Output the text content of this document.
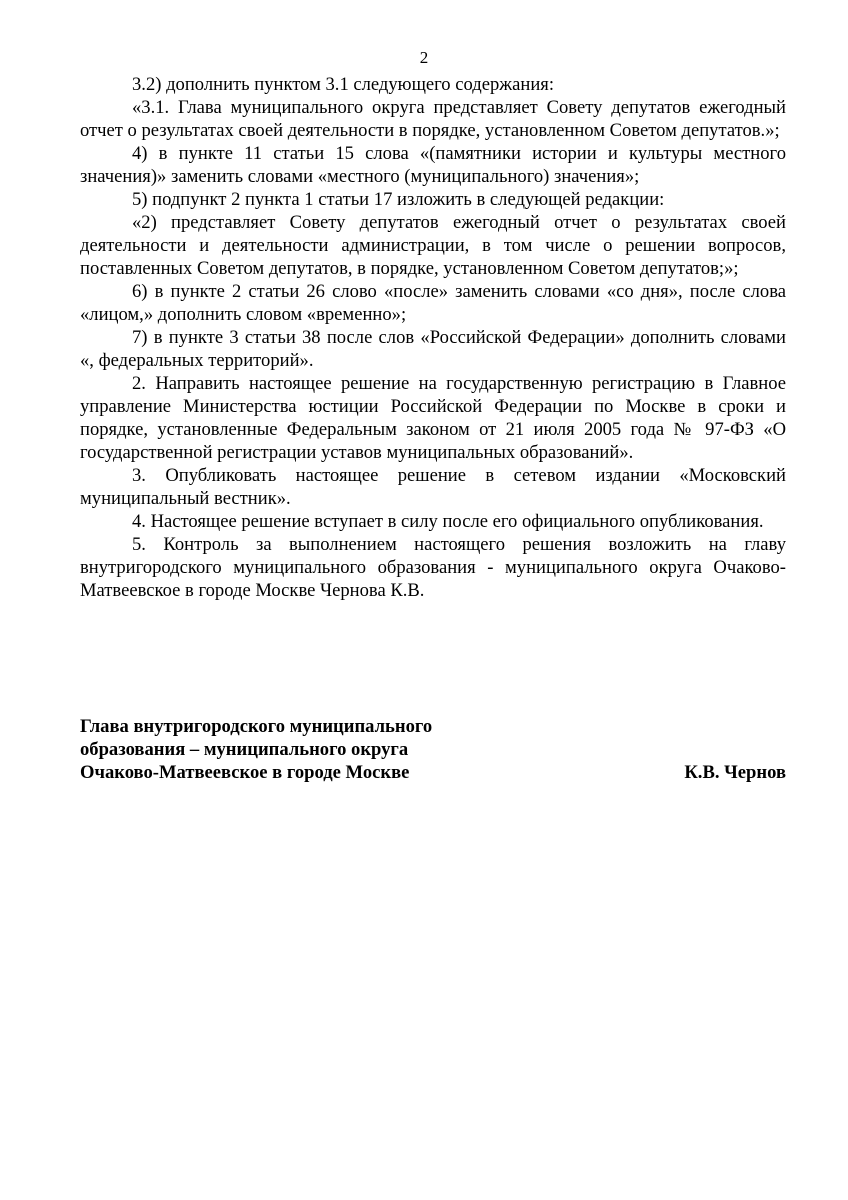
2

3.2) дополнить пунктом 3.1 следующего содержания:

«3.1. Глава муниципального округа представляет Совету депутатов ежегодный отчет о результатах своей деятельности в порядке, установленном Советом депутатов.»;

4) в пункте 11 статьи 15 слова «(памятники истории и культуры местного значения)» заменить словами «местного (муниципального) значения»;

5) подпункт 2 пункта 1 статьи 17 изложить в следующей редакции:

«2) представляет Совету депутатов ежегодный отчет о результатах своей деятельности и деятельности администрации, в том числе о решении вопросов, поставленных Советом депутатов, в порядке, установленном Советом депутатов;»;

6) в пункте 2 статьи 26 слово «после» заменить словами «со дня», после слова «лицом,» дополнить словом «временно»;

7) в пункте 3 статьи 38 после слов «Российской Федерации» дополнить словами «, федеральных территорий».

2. Направить настоящее решение на государственную регистрацию в Главное управление Министерства юстиции Российской Федерации по Москве в сроки и порядке, установленные Федеральным законом от 21 июля 2005 года № 97-ФЗ «О государственной регистрации уставов муниципальных образований».

3. Опубликовать настоящее решение в сетевом издании «Московский муниципальный вестник».

4. Настоящее решение вступает в силу после его официального опубликования.

5. Контроль за выполнением настоящего решения возложить на главу внутригородского муниципального образования - муниципального округа Очаково-Матвеевское в городе Москве Чернова К.В.

Глава внутригородского муниципального
образования – муниципального округа
Очаково-Матвеевское в городе Москве	К.В. Чернов
